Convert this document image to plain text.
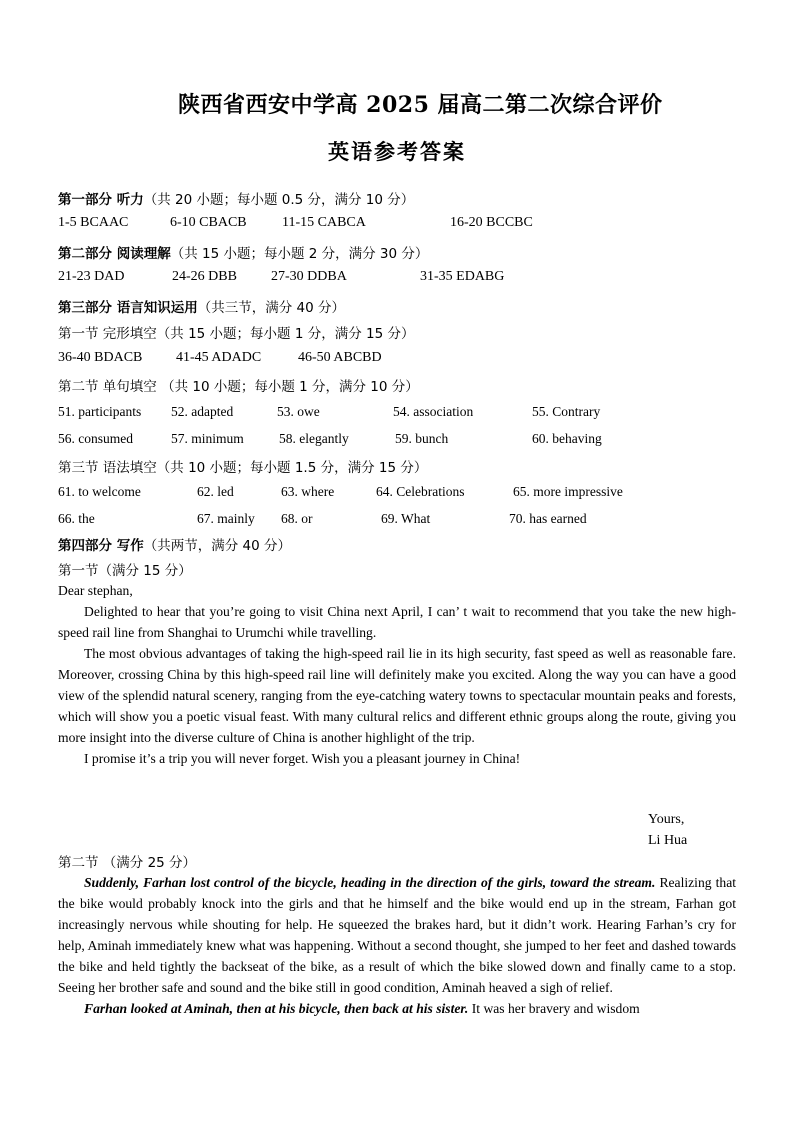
陕西省西安中学高 2025 届高二第二次综合评价
英语参考答案
第一部分 听力（共 20 小题；每小题 0.5 分，满分 10 分）
1-5 BCAAC	6-10 CBACB	11-15 CABCA	16-20 BCCBC
第二部分 阅读理解（共 15 小题；每小题 2 分，满分 30 分）
21-23 DAD	24-26 DBB 27-30 DDBA	31-35 EDABG
第三部分 语言知识运用（共三节，满分 40 分）
第一节 完形填空（共 15 小题；每小题 1 分，满分 15 分）
36-40 BDACB 41-45 ADADC	46-50 ABCBD
第二节 单句填空 （共 10 小题；每小题 1 分，满分 10 分）
51. participants 52. adapted	53. owe	54. association	55. Contrary
56. consumed	57. minimum	58. elegantly	59. bunch	60. behaving
第三节 语法填空（共 10 小题；每小题 1.5 分，满分 15 分）
61. to welcome	62. led	63. where	64. Celebrations	65. more impressive
66. the	67. mainly 68. or	69. What	70. has earned
第四部分 写作（共两节，满分 40 分）
第一节（满分 15 分）

Dear stephan,

Delighted to hear that you’re going to visit China next April, I can’ t wait to recommend that you take the new high-speed rail line from Shanghai to Urumchi while travelling.

The most obvious advantages of taking the high-speed rail lie in its high security, fast speed as well as reasonable fare. Moreover, crossing China by this high-speed rail line will definitely make you excited. Along the way you can have a good view of the splendid natural scenery, ranging from the eye-catching watery towns to spectacular mountain peaks and forests, which will show you a poetic visual feast. With many cultural relics and different ethnic groups along the route, giving you more insight into the diverse culture of China is another highlight of the trip.

I promise it’s a trip you will never forget. Wish you a pleasant journey in China!

Yours,
Li Hua
第二节 （满分 25 分）

Suddenly, Farhan lost control of the bicycle, heading in the direction of the girls, toward the stream. Realizing that the bike would probably knock into the girls and that he himself and the bike would end up in the stream, Farhan got increasingly nervous while shouting for help. He squeezed the brakes hard, but it didn’t work. Hearing Farhan’s cry for help, Aminah immediately knew what was happening. Without a second thought, she jumped to her feet and dashed towards the bike and held tightly the backseat of the bike, as a result of which the bike slowed down and finally came to a stop. Seeing her brother safe and sound and the bike still in good condition, Aminah heaved a sigh of relief.

Farhan looked at Aminah, then at his bicycle, then back at his sister. It was her bravery and wisdom
